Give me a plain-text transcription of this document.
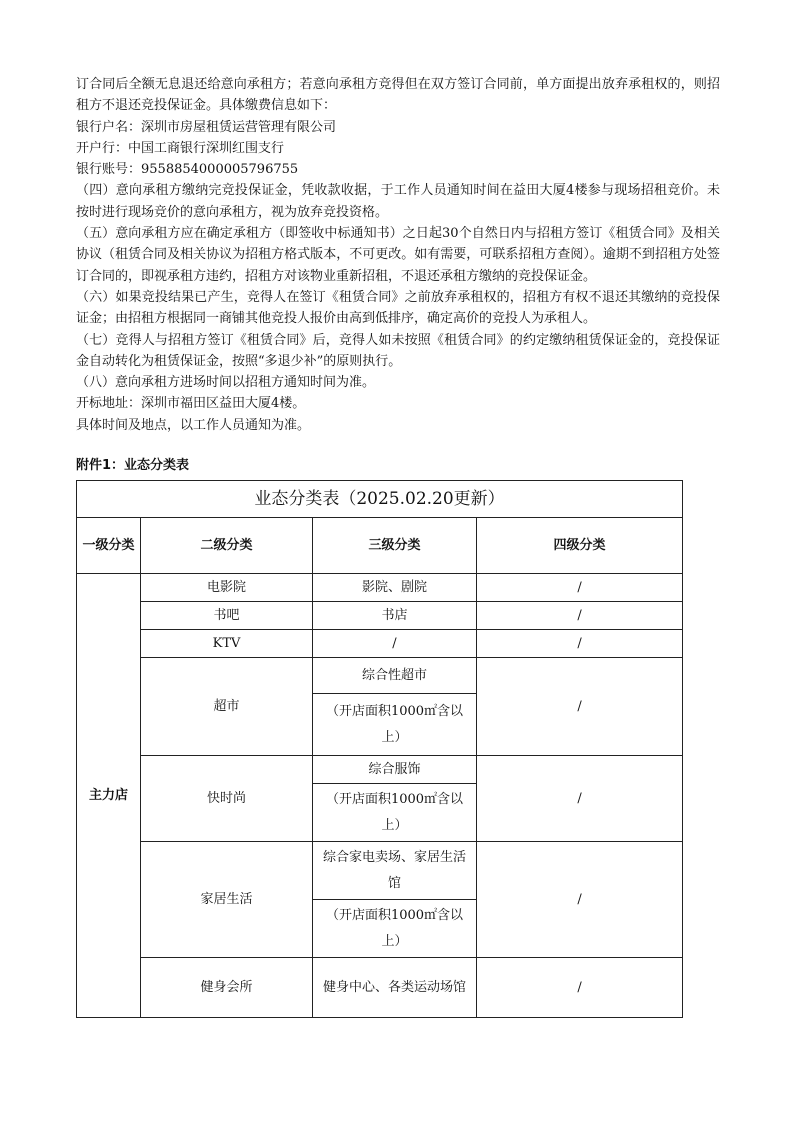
订合同后全额无息退还给意向承租方；若意向承租方竞得但在双方签订合同前，单方面提出放弃承租权的，则招租方不退还竞投保证金。具体缴费信息如下：

银行户名：深圳市房屋租赁运营管理有限公司

开户行：中国工商银行深圳红围支行

银行账号：9558854000005796755

（四）意向承租方缴纳完竞投保证金，凭收款收据，于工作人员通知时间在益田大厦4楼参与现场招租竞价。未按时进行现场竞价的意向承租方，视为放弃竞投资格。

（五）意向承租方应在确定承租方（即签收中标通知书）之日起30个自然日内与招租方签订《租赁合同》及相关协议（租赁合同及相关协议为招租方格式版本，不可更改。如有需要，可联系招租方查阅）。逾期不到招租方处签订合同的，即视承租方违约，招租方对该物业重新招租，不退还承租方缴纳的竞投保证金。

（六）如果竞投结果已产生，竞得人在签订《租赁合同》之前放弃承租权的，招租方有权不退还其缴纳的竞投保证金；由招租方根据同一商铺其他竞投人报价由高到低排序，确定高价的竞投人为承租人。

（七）竞得人与招租方签订《租赁合同》后，竞得人如未按照《租赁合同》的约定缴纳租赁保证金的，竞投保证金自动转化为租赁保证金，按照“多退少补”的原则执行。

（八）意向承租方进场时间以招租方通知时间为准。

开标地址：深圳市福田区益田大厦4楼。

具体时间及地点，以工作人员通知为准。

附件1：业态分类表
业态分类表（2025.02.20更新）			
一级分类	二级分类	三级分类	四级分类
主力店	电影院	影院、剧院	/
	书吧	书店	/
	KTV	/	/
	超市	综合性超市	/
		（开店面积1000㎡含以上）	
	快时尚	综合服饰	/
		（开店面积1000㎡含以上）	
	家居生活	综合家电卖场、家居生活馆	/
		（开店面积1000㎡含以上）	
	健身会所	健身中心、各类运动场馆	/
